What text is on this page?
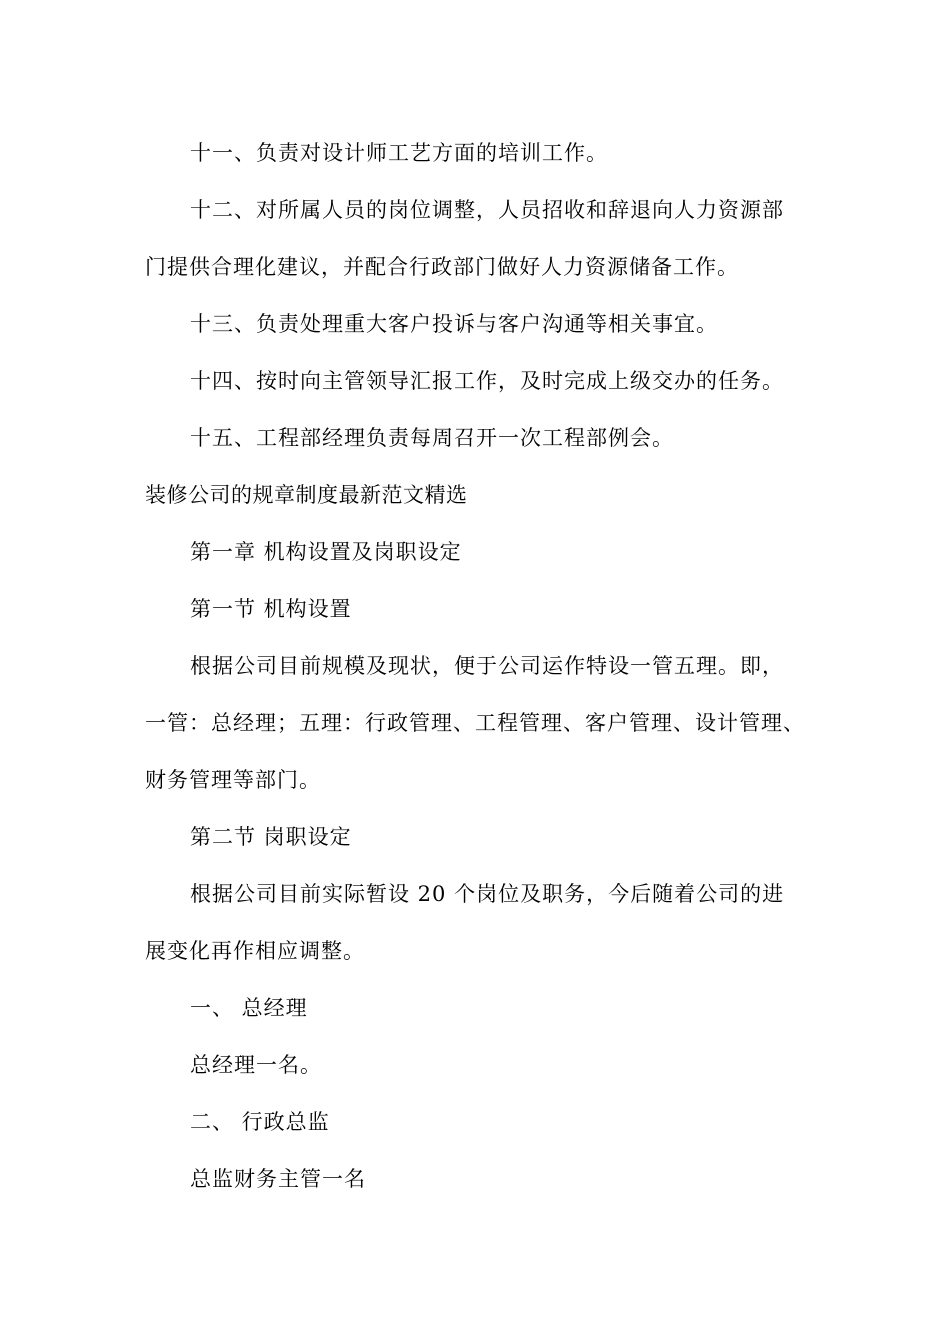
十一、负责对设计师工艺方面的培训工作。
十二、对所属人员的岗位调整，人员招收和辞退向人力资源部
门提供合理化建议，并配合行政部门做好人力资源储备工作。
十三、负责处理重大客户投诉与客户沟通等相关事宜。
十四、按时向主管领导汇报工作，及时完成上级交办的任务。
十五、工程部经理负责每周召开一次工程部例会。
装修公司的规章制度最新范文精选
第一章 机构设置及岗职设定
第一节 机构设置
根据公司目前规模及现状，便于公司运作特设一管五理。即，
一管：总经理；五理：行政管理、工程管理、客户管理、设计管理、
财务管理等部门。
第二节 岗职设定
根据公司目前实际暂设 20 个岗位及职务，今后随着公司的进
展变化再作相应调整。
一、 总经理
总经理一名。
二、 行政总监
总监财务主管一名
